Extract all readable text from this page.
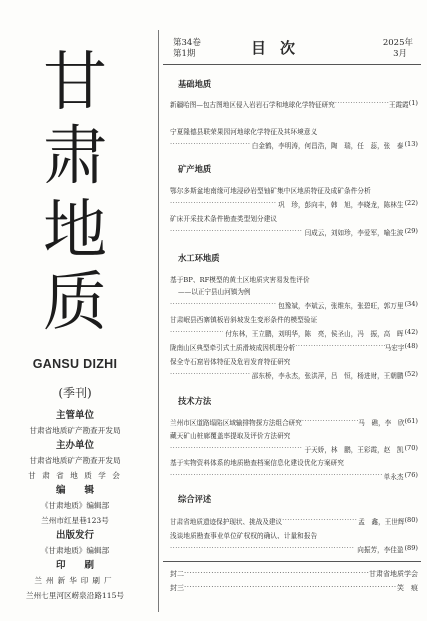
甘
肃
地
质
GANSU DIZHI
(季刊)
主管单位
甘肃省地质矿产勘查开发局
主办单位
甘肃省地质矿产勘查开发局
甘 肃 省 地 质 学 会
编　　辑
《甘肃地质》编辑部
兰州市红星巷123号
出版发行
《甘肃地质》编辑部
印　　刷
兰州新华印刷厂
兰州七里河区崂泉沿路115号
第34卷
第1期	目次	2025年
3月
基础地质
新疆哈图—包古图地区侵入岩岩石学和地球化学特征研究 ·····	王霞霞 (1)
宁夏隆德县联荣果园河地球化学特征及其环境意义
·····
白金鹤，李明涛，何昌浩，陶　瑞，任　蕊，张　泰 (13)
矿产地质
鄂尔多斯盆地南缘可地浸砂岩型铀矿集中区地质特征及成矿条件分析
·····
巩　珍，彭向丰，韩　旭，李晓龙，陈林生 (22)
矿床开采技术条件勘查类型划分建议
·····
闫成云，刘如珍，李爱军，喻生波 (29)
水工环地质
基于BP、RF模型的黄土区地质灾害易发性评价
——以正宁县山河镇为例
·····
包豫斌，李斌云，张维东，张碧旺，郭万里 (34)
甘肃岷县西寨镇板岩斜坡发生变形条件的模型验证
·····
付东林，王立鹏，刘明华，陈　亮，侯圣山，冯　振，高　晖 (42)
陇南山区典型牵引式土质滑坡成因机理分析 ·····	马宏宇 (48)
保全寺石窟岩体特征及危岩发育特征研究
·····
邵东桥，李永杰，张洪萍，吕　恒，杨进财，王朝鹏 (52)
技术方法
兰州市区道路塌陷区域输排物探方法组合研究 ·····	马　礁，李　欣 (61)
藏天矿山桩廊覆盖率提取及评价方法研究
·····
于天娇，林　鹏，王彩霞，赵　凯 (70)
基于实物资料体系的地质勘查档案信息化建设优化方案研究
·····
单永杰 (76)
综合评述
甘肃省地质遗迹保护现状、挑战及建议 ·····	孟　鑫，王世辉 (80)
浅谈地质勘查事业单位矿权权的确认、计量和报告
·····
向振芳，李佳盈 (89)
封二 ·····	甘肃省地质学会
封三 ·····	笑　痕
